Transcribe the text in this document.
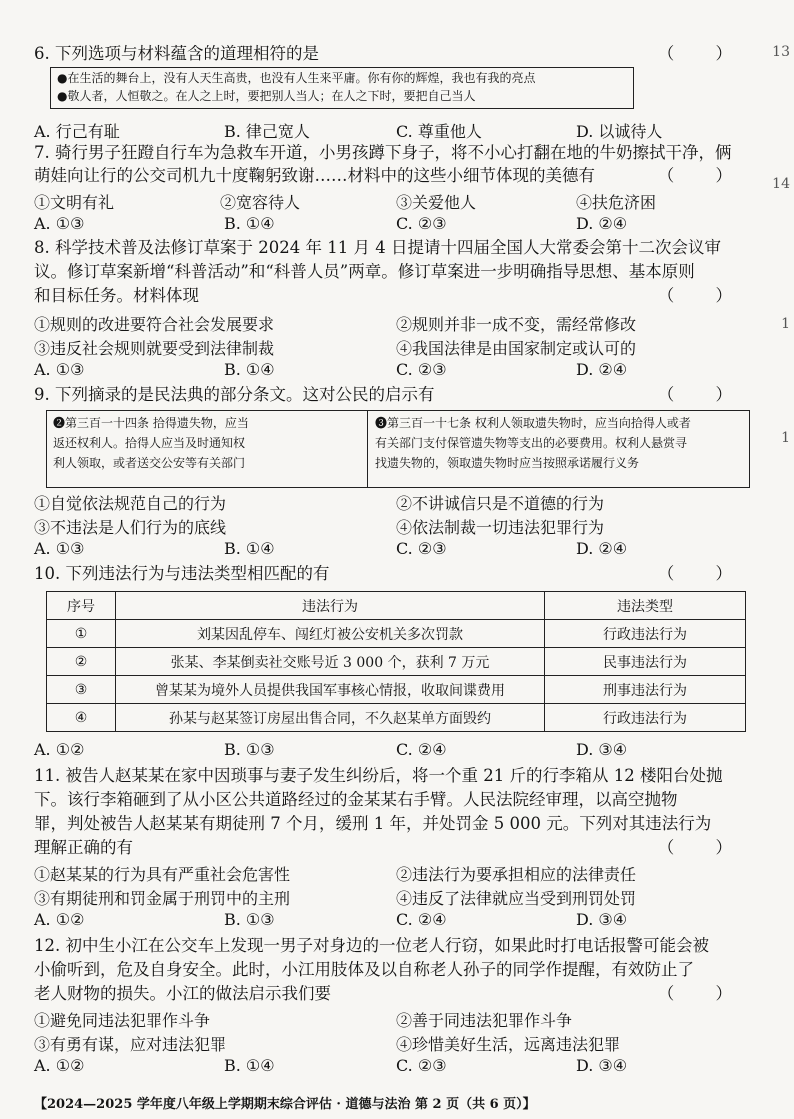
6. 下列选项与材料蕴含的道理相符的是	（ ）
●在生活的舞台上，没有人天生高贵，也没有人生来平庸。你有你的辉煌，我也有我的亮点
●敬人者，人恒敬之。在人之上时，要把别人当人；在人之下时，要把自己当人
A. 行己有耻	B. 律己宽人	C. 尊重他人	D. 以诚待人
7. 骑行男子狂蹬自行车为急救车开道，小男孩蹲下身子，将不小心打翻在地的牛奶擦拭干净，俩
萌娃向让行的公交司机九十度鞠躬致谢……材料中的这些小细节体现的美德有	（ ）
①文明有礼	②宽容待人	③关爱他人	④扶危济困
A. ①③	B. ①④	C. ②③	D. ②④
8. 科学技术普及法修订草案于 2024 年 11 月 4 日提请十四届全国人大常委会第十二次会议审
议。修订草案新增“科普活动”和“科普人员”两章。修订草案进一步明确指导思想、基本原则
和目标任务。材料体现	（ ）
①规则的改进要符合社会发展要求	②规则并非一成不变，需经常修改
③违反社会规则就要受到法律制裁	④我国法律是由国家制定或认可的
A. ①③	B. ①④	C. ②③	D. ②④
9. 下列摘录的是民法典的部分条文。这对公民的启示有	（ ）
❷第三百一十四条 拾得遗失物，应当
返还权利人。拾得人应当及时通知权
利人领取，或者送交公安等有关部门
❸第三百一十七条 权利人领取遗失物时，应当向拾得人或者
有关部门支付保管遗失物等支出的必要费用。权利人悬赏寻
找遗失物的，领取遗失物时应当按照承诺履行义务
①自觉依法规范自己的行为	②不讲诚信只是不道德的行为
③不违法是人们行为的底线	④依法制裁一切违法犯罪行为
A. ①③	B. ①④	C. ②③	D. ②④
10. 下列违法行为与违法类型相匹配的有	（ ）
序号	违法行为	违法类型
①	刘某因乱停车、闯红灯被公安机关多次罚款	行政违法行为
②	张某、李某倒卖社交账号近 3 000 个，获利 7 万元	民事违法行为
③	曾某某为境外人员提供我国军事核心情报，收取间谍费用	刑事违法行为
④	孙某与赵某签订房屋出售合同，不久赵某单方面毁约	行政违法行为
A. ①②	B. ①③	C. ②④	D. ③④
11. 被告人赵某某在家中因琐事与妻子发生纠纷后，将一个重 21 斤的行李箱从 12 楼阳台处抛
下。该行李箱砸到了从小区公共道路经过的金某某右手臂。人民法院经审理，以高空抛物
罪，判处被告人赵某某有期徒刑 7 个月，缓刑 1 年，并处罚金 5 000 元。下列对其违法行为
理解正确的有	（ ）
①赵某某的行为具有严重社会危害性	②违法行为要承担相应的法律责任
③有期徒刑和罚金属于刑罚中的主刑	④违反了法律就应当受到刑罚处罚
A. ①②	B. ①③	C. ②④	D. ③④
12. 初中生小江在公交车上发现一男子对身边的一位老人行窃，如果此时打电话报警可能会被
小偷听到，危及自身安全。此时，小江用肢体及以自称老人孙子的同学作提醒，有效防止了
老人财物的损失。小江的做法启示我们要	（ ）
①避免同违法犯罪作斗争	②善于同违法犯罪作斗争
③有勇有谋，应对违法犯罪	④珍惜美好生活，远离违法犯罪
A. ①②	B. ①④	C. ②③	D. ③④
【2024—2025 学年度八年级上学期期末综合评估 · 道德与法治 第 2 页（共 6 页）】
13
14
1
1
